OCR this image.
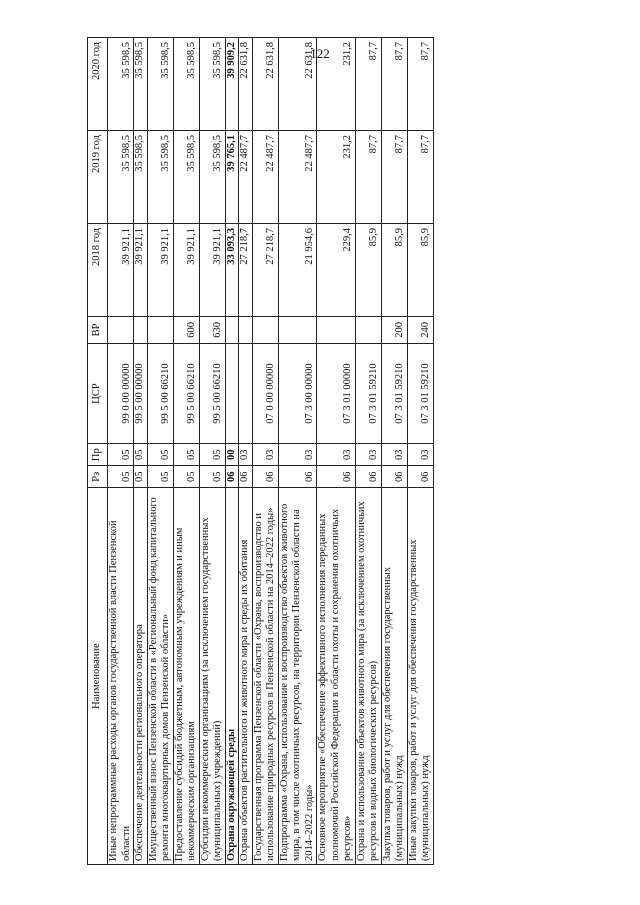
122
Наименование	Рз	Пр	ЦСР	ВР	2018 год	2019 год	2020 год
Иные непрограммные расходы органов государственной власти Пензенской области	05	05	99 0 00 00000		39 921,1	35 598,5	35 598,5
Обеспечение деятельности регионального оператора	05	05	99 5 00 00000		39 921,1	35 598,5	35 598,5
Имущественный взнос Пензенской области в «Региональный фонд капитального ремонта многоквартирных домов Пензенской области»	05	05	99 5 00 66210		39 921,1	35 598,5	35 598,5
Предоставление субсидий бюджетным, автономным учреждениям и иным некоммерческим организациям	05	05	99 5 00 66210	600	39 921,1	35 598,5	35 598,5
Субсидии некоммерческим организациям (за исключением государственных (муниципальных) учреждений)	05	05	99 5 00 66210	630	39 921,1	35 598,5	35 598,5
Охрана окружающей среды	06	00			33 093,3	39 765,1	39 909,2
Охрана объектов растительного и животного мира и среды их обитания	06	03			27 218,7	22 487,7	22 631,8
Государственная программа Пензенской области «Охрана, воспроизводство и использование природных ресурсов в Пензенской области на 2014–2022 годы»	06	03	07 0 00 00000		27 218,7	22 487,7	22 631,8
Подпрограмма «Охрана, использование и воспроизводство объектов животного мира, в том числе охотничьих ресурсов, на территории Пензенской области на 2014–2022 годы»	06	03	07 3 00 00000		21 954,6	22 487,7	22 631,8
Основное мероприятие «Обеспечение эффективного исполнения переданных полномочий Российской Федерации в области охоты и сохранения охотничьих ресурсов»	06	03	07 3 01 00000		229,4	231,2	231,2
Охрана и использование объектов животного мира (за исключением охотничьих ресурсов и водных биологических ресурсов)	06	03	07 3 01 59210		85,9	87,7	87,7
Закупка товаров, работ и услуг для обеспечения государственных (муниципальных) нужд	06	03	07 3 01 59210	200	85,9	87,7	87,7
Иные закупки товаров, работ и услуг для обеспечения государственных (муниципальных) нужд	06	03	07 3 01 59210	240	85,9	87,7	87,7
